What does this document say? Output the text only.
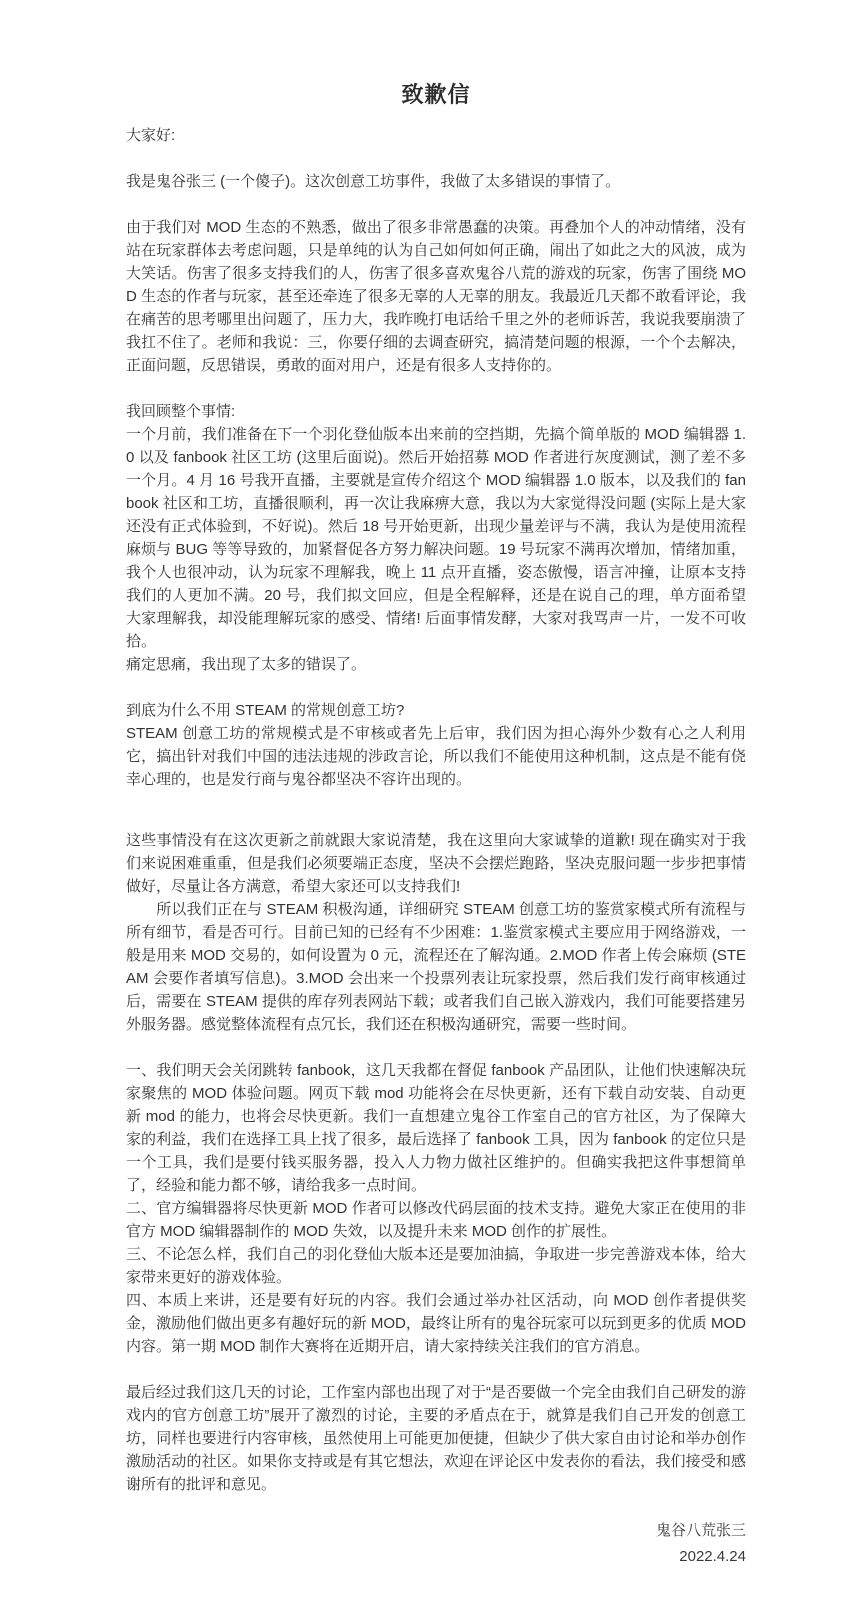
致歉信

大家好:

我是鬼谷张三 (一个傻子)。这次创意工坊事件，我做了太多错误的事情了。

由于我们对 MOD 生态的不熟悉，做出了很多非常愚蠢的决策。再叠加个人的冲动情绪，没有站在玩家群体去考虑问题，只是单纯的认为自己如何如何正确，闹出了如此之大的风波，成为大笑话。伤害了很多支持我们的人，伤害了很多喜欢鬼谷八荒的游戏的玩家，伤害了围绕 MOD 生态的作者与玩家，甚至还牵连了很多无辜的人无辜的朋友。我最近几天都不敢看评论，我在痛苦的思考哪里出问题了，压力大，我昨晚打电话给千里之外的老师诉苦，我说我要崩溃了我扛不住了。老师和我说：三，你要仔细的去调查研究，搞清楚问题的根源，一个个去解决，正面问题，反思错误，勇敢的面对用户，还是有很多人支持你的。

我回顾整个事情:

一个月前，我们准备在下一个羽化登仙版本出来前的空挡期，先搞个简单版的 MOD 编辑器 1.0 以及 fanbook 社区工坊 (这里后面说)。然后开始招募 MOD 作者进行灰度测试，测了差不多一个月。4 月 16 号我开直播，主要就是宣传介绍这个 MOD 编辑器 1.0 版本，以及我们的 fanbook 社区和工坊，直播很顺利，再一次让我麻痹大意，我以为大家觉得没问题 (实际上是大家还没有正式体验到，不好说)。然后 18 号开始更新，出现少量差评与不满，我认为是使用流程麻烦与 BUG 等等导致的，加紧督促各方努力解决问题。19 号玩家不满再次增加，情绪加重，我个人也很冲动，认为玩家不理解我，晚上 11 点开直播，姿态傲慢，语言冲撞，让原本支持我们的人更加不满。20 号，我们拟文回应，但是全程解释，还是在说自己的理，单方面希望大家理解我，却没能理解玩家的感受、情绪! 后面事情发酵，大家对我骂声一片，一发不可收拾。

痛定思痛，我出现了太多的错误了。

到底为什么不用 STEAM 的常规创意工坊?

STEAM 创意工坊的常规模式是不审核或者先上后审，我们因为担心海外少数有心之人利用它，搞出针对我们中国的违法违规的涉政言论，所以我们不能使用这种机制，这点是不能有侥幸心理的，也是发行商与鬼谷都坚决不容许出现的。

这些事情没有在这次更新之前就跟大家说清楚，我在这里向大家诚挚的道歉! 现在确实对于我们来说困难重重，但是我们必须要端正态度，坚决不会摆烂跑路，坚决克服问题一步步把事情做好，尽量让各方满意，希望大家还可以支持我们!

　　所以我们正在与 STEAM 积极沟通，详细研究 STEAM 创意工坊的鉴赏家模式所有流程与所有细节，看是否可行。目前已知的已经有不少困难：1.鉴赏家模式主要应用于网络游戏，一般是用来 MOD 交易的，如何设置为 0 元，流程还在了解沟通。2.MOD 作者上传会麻烦 (STEAM 会要作者填写信息)。3.MOD 会出来一个投票列表让玩家投票，然后我们发行商审核通过后，需要在 STEAM 提供的库存列表网站下载；或者我们自己嵌入游戏内，我们可能要搭建另外服务器。感觉整体流程有点冗长，我们还在积极沟通研究，需要一些时间。

一、我们明天会关闭跳转 fanbook，这几天我都在督促 fanbook 产品团队，让他们快速解决玩家聚焦的 MOD 体验问题。网页下载 mod 功能将会在尽快更新，还有下载自动安装、自动更新 mod 的能力，也将会尽快更新。我们一直想建立鬼谷工作室自己的官方社区，为了保障大家的利益，我们在选择工具上找了很多，最后选择了 fanbook 工具，因为 fanbook 的定位只是一个工具，我们是要付钱买服务器，投入人力物力做社区维护的。但确实我把这件事想简单了，经验和能力都不够，请给我多一点时间。

二、官方编辑器将尽快更新 MOD 作者可以修改代码层面的技术支持。避免大家正在使用的非官方 MOD 编辑器制作的 MOD 失效，以及提升未来 MOD 创作的扩展性。

三、不论怎么样，我们自己的羽化登仙大版本还是要加油搞，争取进一步完善游戏本体，给大家带来更好的游戏体验。

四、本质上来讲，还是要有好玩的内容。我们会通过举办社区活动，向 MOD 创作者提供奖金，激励他们做出更多有趣好玩的新 MOD，最终让所有的鬼谷玩家可以玩到更多的优质 MOD 内容。第一期 MOD 制作大赛将在近期开启，请大家持续关注我们的官方消息。

最后经过我们这几天的讨论，工作室内部也出现了对于“是否要做一个完全由我们自己研发的游戏内的官方创意工坊”展开了激烈的讨论，主要的矛盾点在于，就算是我们自己开发的创意工坊，同样也要进行内容审核，虽然使用上可能更加便捷，但缺少了供大家自由讨论和举办创作激励活动的社区。如果你支持或是有其它想法，欢迎在评论区中发表你的看法，我们接受和感谢所有的批评和意见。

鬼谷八荒张三

2022.4.24
